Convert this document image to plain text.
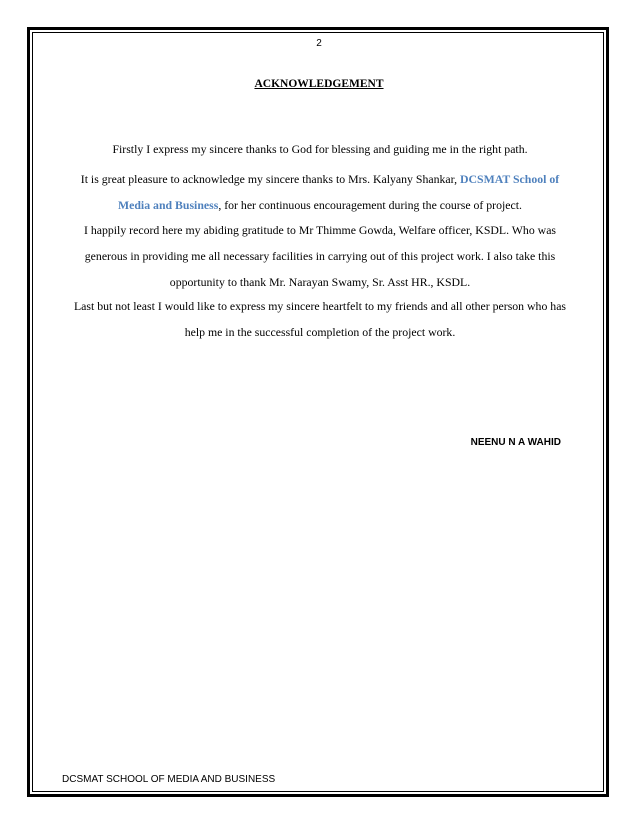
2
ACKNOWLEDGEMENT
Firstly I express my sincere thanks to God for blessing and guiding me in the right path.
It is great pleasure to acknowledge my sincere thanks to Mrs. Kalyany Shankar, DCSMAT School of Media and Business, for her continuous encouragement during the course of project.
I happily record here my abiding gratitude to Mr Thimme Gowda, Welfare officer, KSDL. Who was generous in providing me all necessary facilities in carrying out of this project work. I also take this opportunity to thank Mr. Narayan Swamy, Sr. Asst HR., KSDL.
Last but not least I would like to express my sincere heartfelt to my friends and all other person who has help me in the successful completion of the project work.
NEENU N A WAHID
DCSMAT SCHOOL OF MEDIA AND BUSINESS
